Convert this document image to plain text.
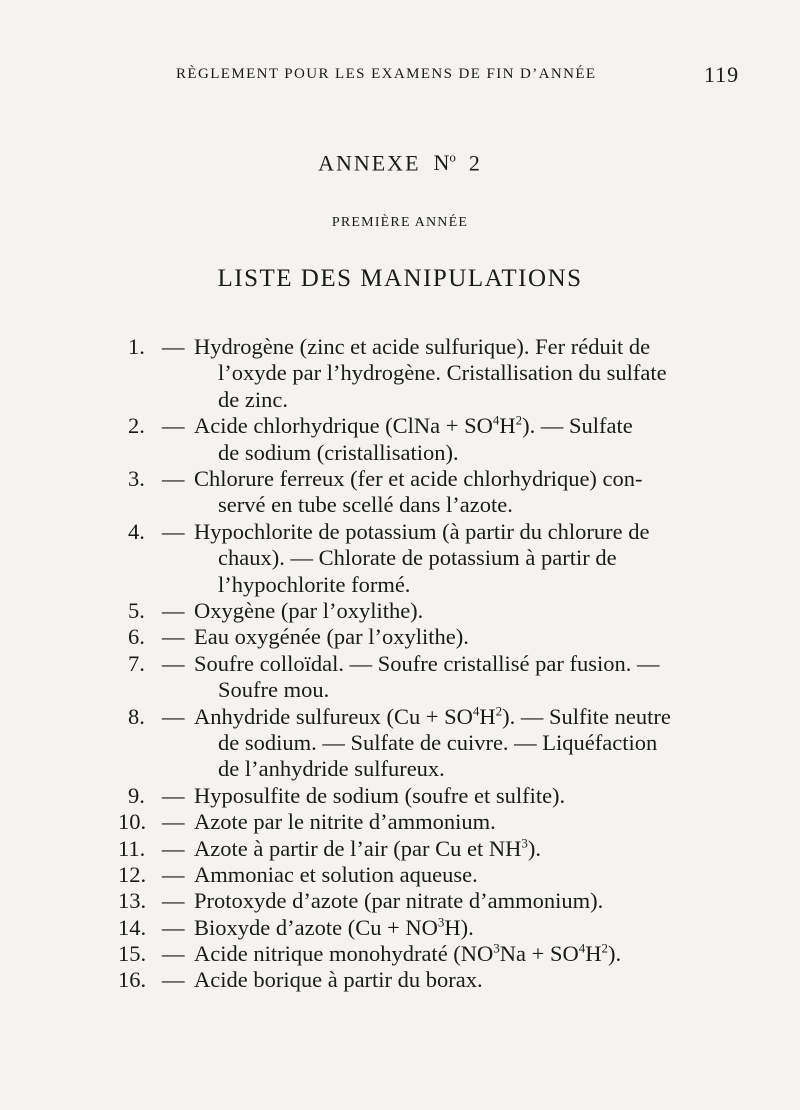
RÈGLEMENT POUR LES EXAMENS DE FIN D’ANNÉE	119
ANNEXE  $N^o$ 2
PREMIÈRE ANNÉE
LISTE DES MANIPULATIONS
1. — Hydrogène (zinc et acide sulfurique). Fer réduit de
l’oxyde par l’hydrogène. Cristallisation du sulfate
de zinc.
2. — Acide chlorhydrique (ClNa + $SO^4H^2$). — Sulfate
de sodium (cristallisation).
3. — Chlorure ferreux (fer et acide chlorhydrique) con-
servé en tube scellé dans l’azote.
4. — Hypochlorite de potassium (à partir du chlorure de
chaux). — Chlorate de potassium à partir de
l’hypochlorite formé.
5. — Oxygène (par l’oxylithe).
6. — Eau oxygénée (par l’oxylithe).
7. — Soufre colloïdal. — Soufre cristallisé par fusion. —
Soufre mou.
8. — Anhydride sulfureux $(Cu + SO^4H^2)$. — Sulfite neutre
de sodium. — Sulfate de cuivre. — Liquéfaction
de l’anhydride sulfureux.
9. — Hyposulfite de sodium (soufre et sulfite).
10. — Azote par le nitrite d’ammonium.
11. — Azote à partir de l’air (par Cu et $NH^3$).
12. — Ammoniac et solution aqueuse.
13. — Protoxyde d’azote (par nitrate d’ammonium).
14. — Bioxyde d’azote $(Cu + NO^3H)$.
15. — Acide nitrique monohydraté $(NO^3Na + SO^4H^2)$.
16. — Acide borique à partir du borax.
